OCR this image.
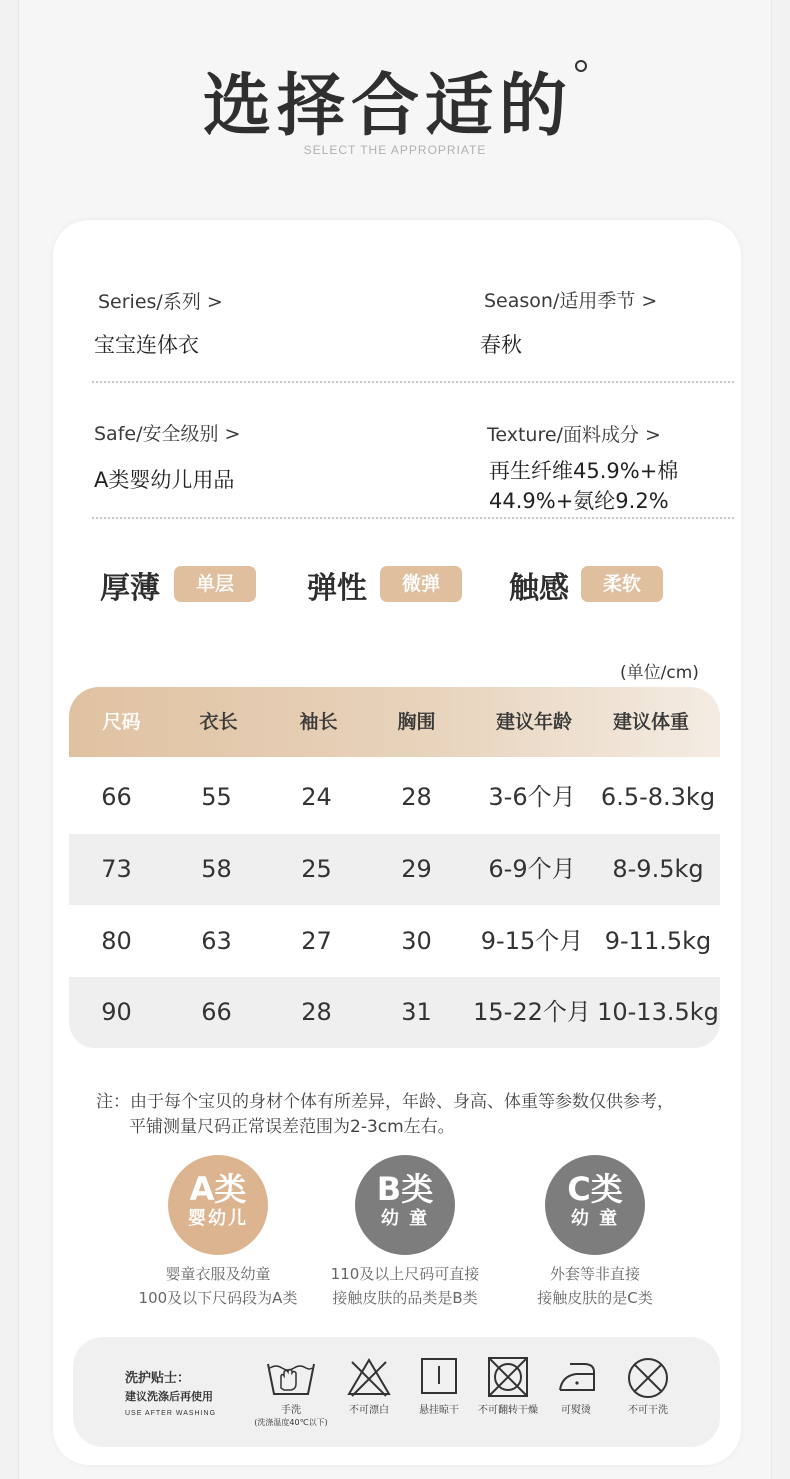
选择合适的
SELECT THE APPROPRIATE
Series/系列 >
宝宝连体衣
Season/适用季节 >
春秋
Safe/安全级别 >
A类婴幼儿用品
Texture/面料成分 >
再生纤维45.9%+棉
44.9%+氨纶9.2%
厚薄	单层	弹性	微弹	触感	柔软
(单位/cm)
尺码	衣长	袖长	胸围	建议年龄	建议体重
66	55	24	28	3-6个月	6.5-8.3kg
73	58	25	29	6-9个月	8-9.5kg
80	63	27	30	9-15个月 9-11.5kg
90	66	28	31	15-22个月 10-13.5kg
注：由于每个宝贝的身材个体有所差异，年龄、身高、体重等参数仅供参考，
平铺测量尺码正常误差范围为2-3cm左右。
A类
婴幼儿
婴童衣服及幼童
100及以下尺码段为A类
B类
幼 童
110及以上尺码可直接
接触皮肤的品类是B类
C类
幼 童
外套等非直接
接触皮肤的是C类
洗护贴士：
建议洗涤后再使用
USE AFTER WASHING	手洗
(洗涤温度40℃以下)
不可漂白	悬挂晾干	不可翻转干燥	可熨烫	不可干洗
